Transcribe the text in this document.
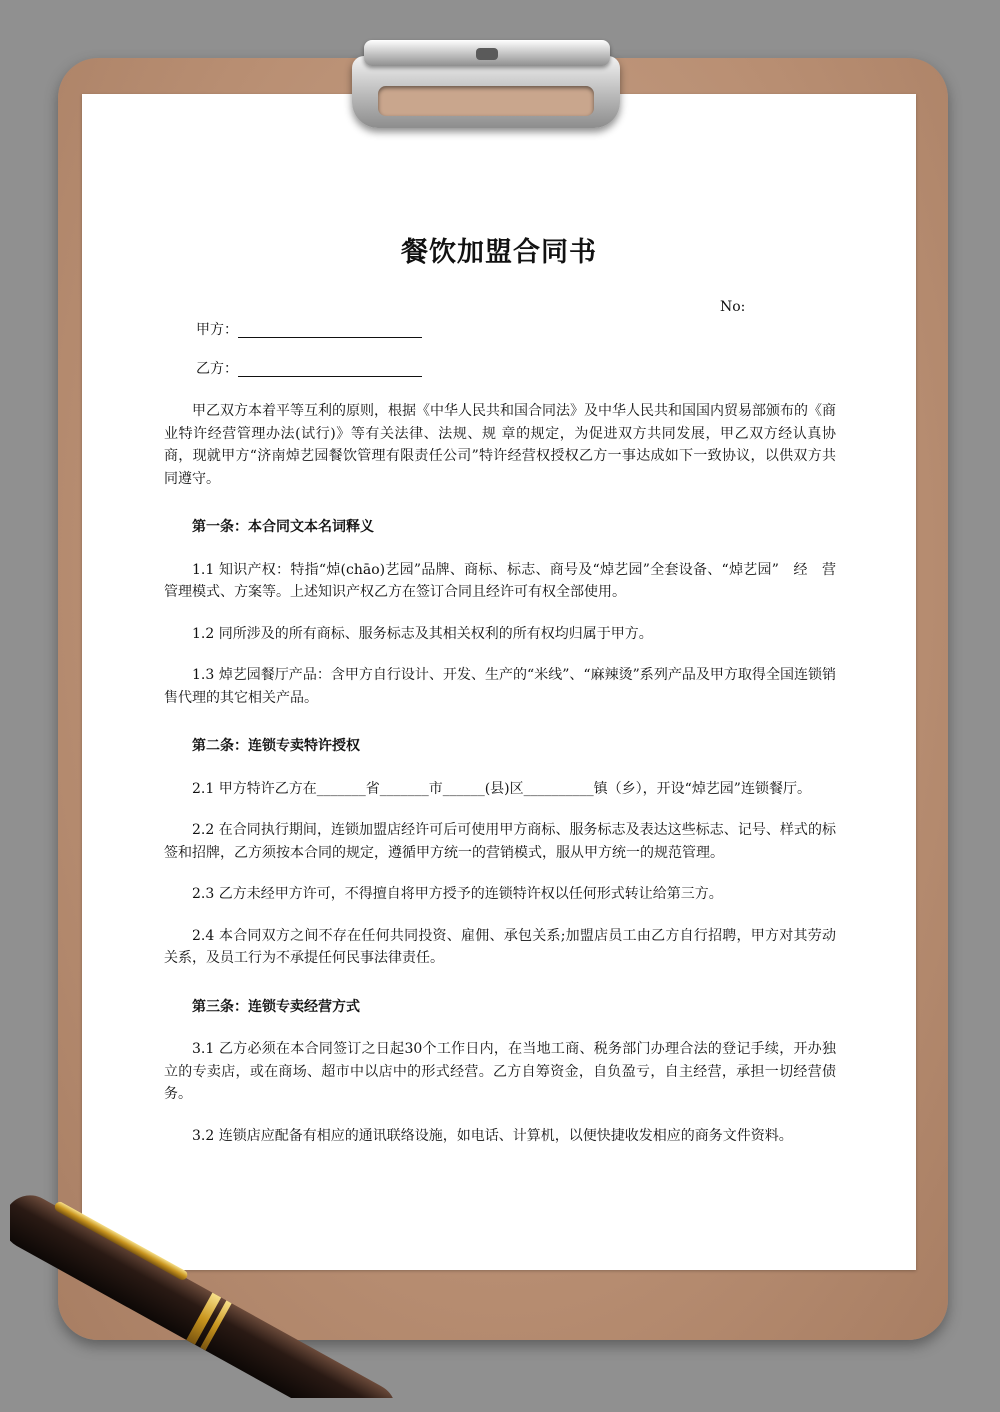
餐饮加盟合同书
No:
甲方：
乙方：

甲乙双方本着平等互利的原则，根据《中华人民共和国合同法》及中华人民共和国国内贸易部颁布的《商业特许经营管理办法(试行)》等有关法律、法规、规 章的规定，为促进双方共同发展，甲乙双方经认真协商，现就甲方“济南焯艺园餐饮管理有限责任公司”特许经营权授权乙方一事达成如下一致协议，以供双方共同遵守。

第一条：本合同文本名词释义

1.1 知识产权：特指“焯(chāo)艺园”品牌、商标、标志、商号及“焯艺园”全套设备、“焯艺园”　经　营　管理模式、方案等。上述知识产权乙方在签订合同且经许可有权全部使用。

1.2 同所涉及的所有商标、服务标志及其相关权利的所有权均归属于甲方。

1.3 焯艺园餐厅产品：含甲方自行设计、开发、生产的“米线”、“麻辣烫”系列产品及甲方取得全国连锁销售代理的其它相关产品。

第二条：连锁专卖特许授权

2.1 甲方特许乙方在_______省_______市______(县)区__________镇（乡），开设“焯艺园”连锁餐厅。

2.2 在合同执行期间，连锁加盟店经许可后可使用甲方商标、服务标志及表达这些标志、记号、样式的标签和招牌，乙方须按本合同的规定，遵循甲方统一的营销模式，服从甲方统一的规范管理。

2.3 乙方未经甲方许可，不得擅自将甲方授予的连锁特许权以任何形式转让给第三方。

2.4 本合同双方之间不存在任何共同投资、雇佣、承包关系;加盟店员工由乙方自行招聘，甲方对其劳动关系，及员工行为不承提任何民事法律责任。

第三条：连锁专卖经营方式

3.1 乙方必须在本合同签订之日起30个工作日内，在当地工商、税务部门办理合法的登记手续，开办独立的专卖店，或在商场、超市中以店中的形式经营。乙方自筹资金，自负盈亏，自主经营，承担一切经营债务。

3.2 连锁店应配备有相应的通讯联络设施，如电话、计算机，以便快捷收发相应的商务文件资料。
